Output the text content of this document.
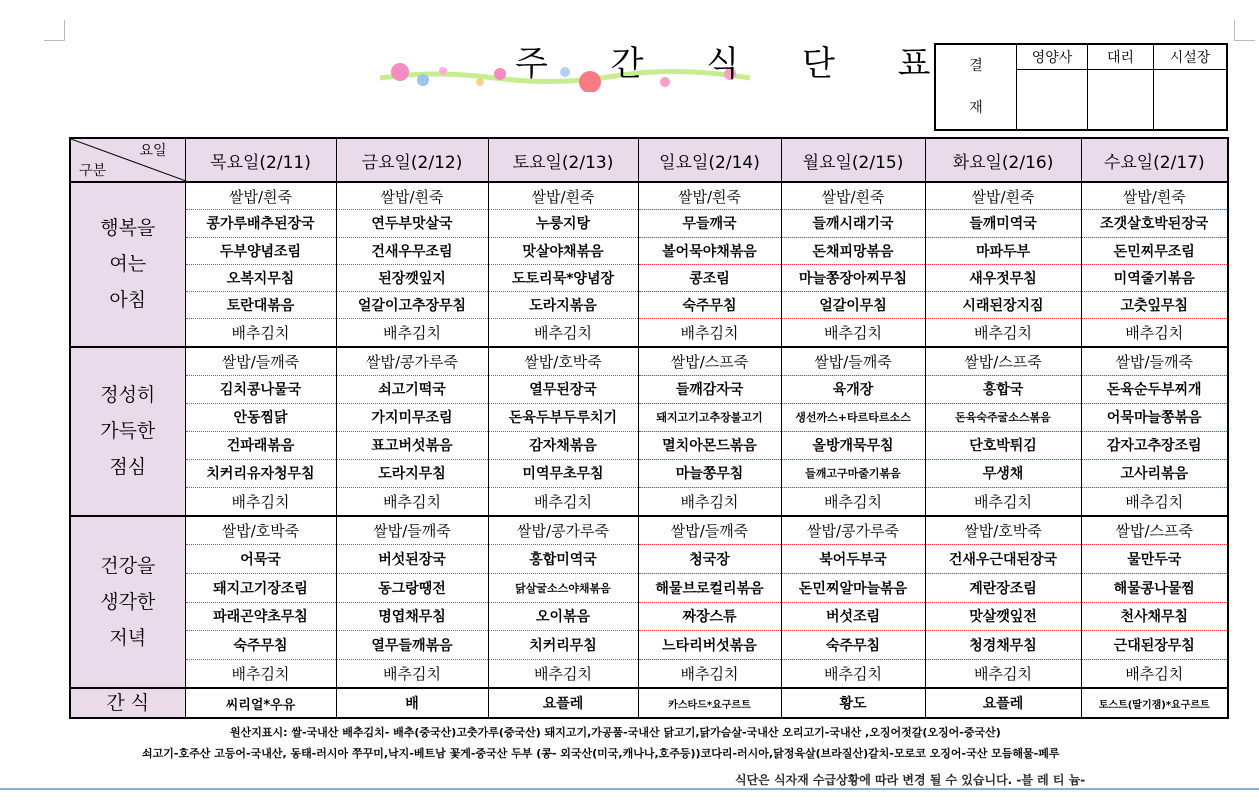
주 간 식 단 표 결
재	영양사	대리	시설장

요일
구분	목요일(2/11)	금요일(2/12)	토요일(2/13)	일요일(2/14)	월요일(2/15)	화요일(2/16)	수요일(2/17)

행복을
여는
아침	쌀밥/흰죽	쌀밥/흰죽	쌀밥/흰죽	쌀밥/흰죽	쌀밥/흰죽	쌀밥/흰죽	쌀밥/흰죽
	콩가루배추된장국	연두부맛살국	누룽지탕	무들깨국	들깨시래기국	들깨미역국	조갯살호박된장국
	두부양념조림	건새우무조림	맛살야채볶음	볼어묵야채볶음	돈채피망볶음	마파두부	돈민찌무조림
	오복지무침	된장깻잎지	도토리묵*양념장	콩조림	마늘쫑장아찌무침	새우젓무침	미역줄기볶음
	토란대볶음	얼갈이고추장무침	도라지볶음	숙주무침	얼갈이무침	시래된장지짐	고춧잎무침
	배추김치	배추김치	배추김치	배추김치	배추김치	배추김치	배추김치

정성히
가득한
점심	쌀밥/들깨죽	쌀밥/콩가루죽	쌀밥/호박죽	쌀밥/스프죽	쌀밥/들깨죽	쌀밥/스프죽	쌀밥/들깨죽
	김치콩나물국	쇠고기떡국	열무된장국	들깨감자국	육개장	홍합국	돈육순두부찌개
	안동찜닭	가지미무조림	돈육두부두루치기	돼지고기고추장불고기	생선까스+타르타르소스	돈육숙주굴소스볶음	어묵마늘쫑볶음
	건파래볶음	표고버섯볶음	감자채볶음	멸치아몬드볶음	올방개묵무침	단호박튀김	감자고추장조림
	치커리유자청무침	도라지무침	미역무초무침	마늘쫑무침	들깨고구마줄기볶음	무생채	고사리볶음
	배추김치	배추김치	배추김치	배추김치	배추김치	배추김치	배추김치

건강을
생각한
저녁	쌀밥/호박죽	쌀밥/들깨죽	쌀밥/콩가루죽	쌀밥/들깨죽	쌀밥/콩가루죽	쌀밥/호박죽	쌀밥/스프죽
	어묵국	버섯된장국	홍합미역국	청국장	북어두부국	건새우근대된장국	물만두국
	돼지고기장조림	동그랑땡전	닭살굴소스야채볶음	해물브로컬리볶음	돈민찌알마늘볶음	계란장조림	해물콩나물찜
	파래곤약초무침	명엽채무침	오이볶음	짜장스튜	버섯조림	맛살깻잎전	천사채무침
	숙주무침	열무들깨볶음	치커리무침	느타리버섯볶음	숙주무침	청경채무침	근대된장무침
	배추김치	배추김치	배추김치	배추김치	배추김치	배추김치	배추김치
간 식	씨리얼*우유	배	요플레	카스타드*요구르트	황도	요플레	토스트(딸기잼)*요구르트
원산지표시: 쌀-국내산 배추김치- 배추(중국산)고춧가루(중국산) 돼지고기,가공품-국내산 닭고기,닭가슴살-국내산 오리고기-국내산 ,오징어젓갈(오징어-중국산)
쇠고기-호주산 고등어-국내산, 동태-러시아 쭈꾸미,낙지-베트남 꽃게-중국산 두부 (콩- 외국산(미국,캐나나,호주등))코다리-러시아,닭정육살(브라질산)갈치-모로코 오징어-국산 모듬해물-페루
식단은 식자재 수급상황에 따라 변경 될 수 있습니다. -블 레 티 늄-
